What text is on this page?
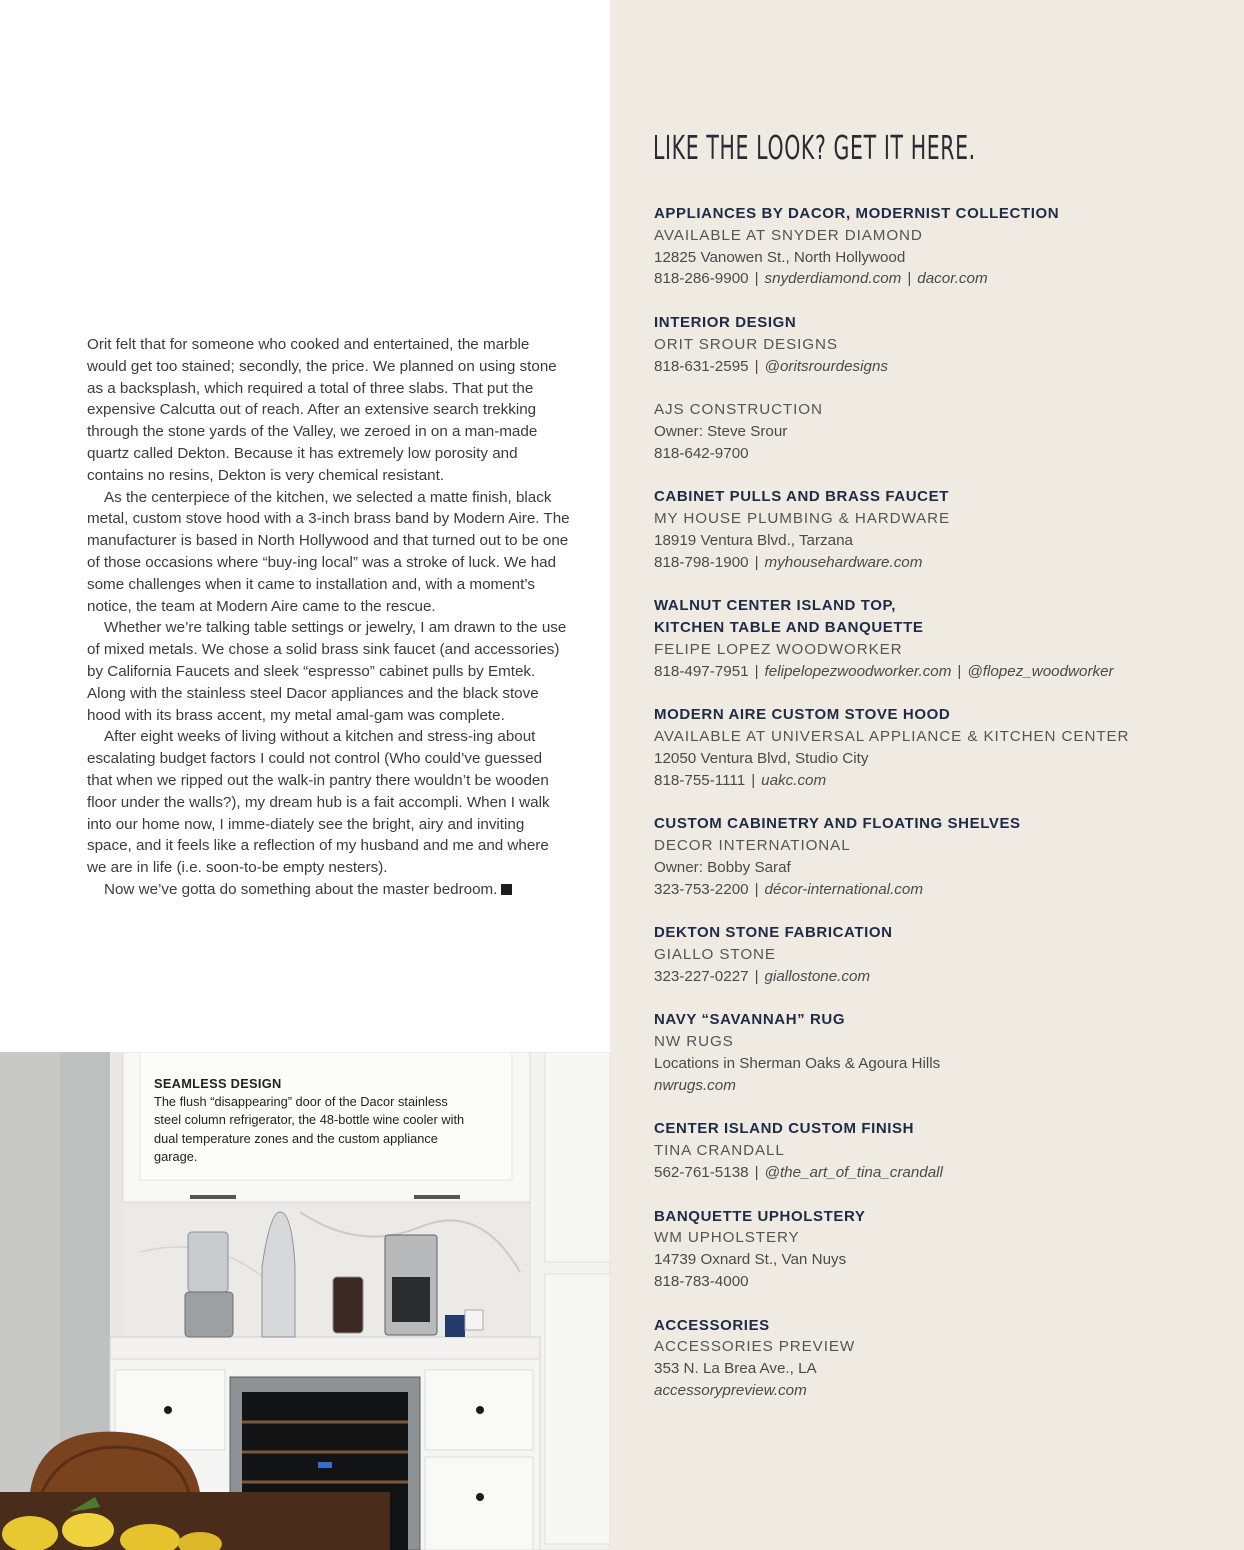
Orit felt that for someone who cooked and entertained, the marble would get too stained; secondly, the price. We planned on using stone as a backsplash, which required a total of three slabs. That put the expensive Calcutta out of reach. After an extensive search trekking through the stone yards of the Valley, we zeroed in on a man-made quartz called Dekton. Because it has extremely low porosity and contains no resins, Dekton is very chemical resistant.

As the centerpiece of the kitchen, we selected a matte finish, black metal, custom stove hood with a 3-inch brass band by Modern Aire. The manufacturer is based in North Hollywood and that turned out to be one of those occasions where “buy-ing local” was a stroke of luck. We had some challenges when it came to installation and, with a moment’s notice, the team at Modern Aire came to the rescue.

Whether we’re talking table settings or jewelry, I am drawn to the use of mixed metals. We chose a solid brass sink faucet (and accessories) by California Faucets and sleek “espresso” cabinet pulls by Emtek. Along with the stainless steel Dacor appliances and the black stove hood with its brass accent, my metal amal-gam was complete.

After eight weeks of living without a kitchen and stress-ing about escalating budget factors I could not control (Who could’ve guessed that when we ripped out the walk-in pantry there wouldn’t be wooden floor under the walls?), my dream hub is a fait accompli. When I walk into our home now, I imme-diately see the bright, airy and inviting space, and it feels like a reflection of my husband and me and where we are in life (i.e. soon-to-be empty nesters).

Now we’ve gotta do something about the master bedroom.

SEAMLESS DESIGN
The flush “disappearing” door of the Dacor stainless steel column refrigerator, the 48-bottle wine cooler with dual temperature zones and the custom appliance garage.
LIKE THE LOOK? GET IT HERE.
APPLIANCES BY DACOR, MODERNIST COLLECTION
AVAILABLE AT SNYDER DIAMOND
12825 Vanowen St., North Hollywood
818-286-9900 | snyderdiamond.com | dacor.com
INTERIOR DESIGN
ORIT SROUR DESIGNS
818-631-2595 | @oritsrourdesigns
AJS CONSTRUCTION
Owner: Steve Srour
818-642-9700
CABINET PULLS AND BRASS FAUCET
MY HOUSE PLUMBING & HARDWARE
18919 Ventura Blvd., Tarzana
818-798-1900 | myhousehardware.com
WALNUT CENTER ISLAND TOP,
KITCHEN TABLE AND BANQUETTE
FELIPE LOPEZ WOODWORKER
818-497-7951 | felipelopezwoodworker.com | @flopez_woodworker
MODERN AIRE CUSTOM STOVE HOOD
AVAILABLE AT UNIVERSAL APPLIANCE & KITCHEN CENTER
12050 Ventura Blvd, Studio City
818-755-1111 | uakc.com
CUSTOM CABINETRY AND FLOATING SHELVES
DECOR INTERNATIONAL
Owner: Bobby Saraf
323-753-2200 | décor-international.com
DEKTON STONE FABRICATION
GIALLO STONE
323-227-0227 | giallostone.com
NAVY “SAVANNAH” RUG
NW RUGS
Locations in Sherman Oaks & Agoura Hills
nwrugs.com
CENTER ISLAND CUSTOM FINISH
TINA CRANDALL
562-761-5138 | @the_art_of_tina_crandall
BANQUETTE UPHOLSTERY
WM UPHOLSTERY
14739 Oxnard St., Van Nuys
818-783-4000
ACCESSORIES
ACCESSORIES PREVIEW
353 N. La Brea Ave., LA
accessorypreview.com
